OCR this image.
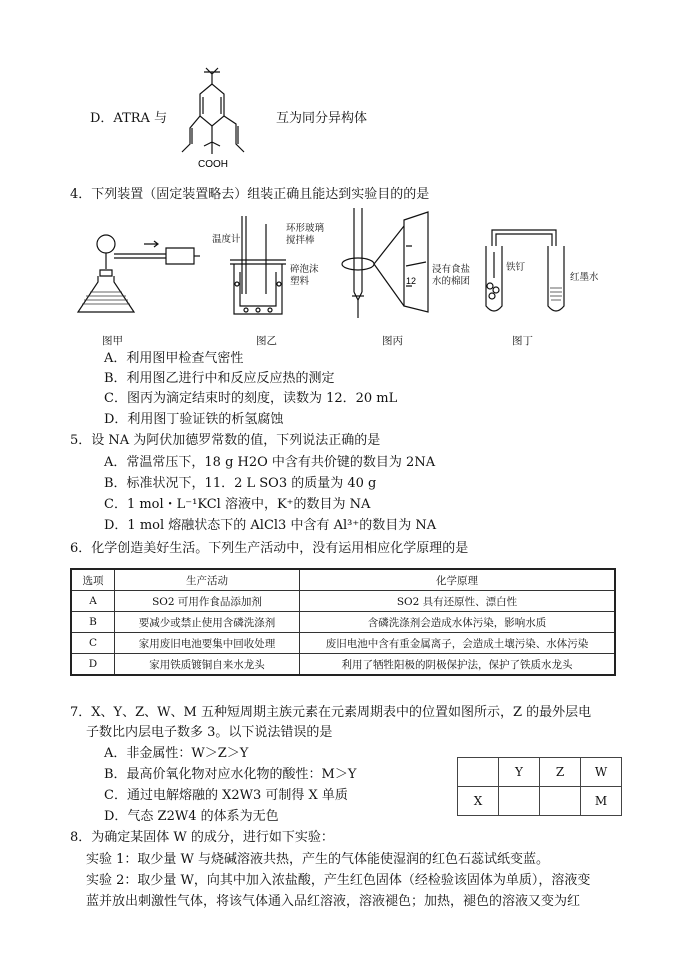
D．ATRA 与
COOH
互为同分异构体
4．下列装置（固定装置略去）组装正确且能达到实验目的的是
温度计
环形玻璃
搅拌棒
碎泡沫
塑料	12
浸有食盐
水的棉团
铁钉
红墨水
图甲	图乙	图丙	图丁
A．利用图甲检查气密性
B．利用图乙进行中和反应反应热的测定
C．图丙为滴定结束时的刻度，读数为 12．20 mL
D．利用图丁验证铁的析氢腐蚀
5．设 NA 为阿伏加德罗常数的值，下列说法正确的是
A．常温常压下，18 g H2O 中含有共价键的数目为 2NA
B．标准状况下，11．2 L SO3 的质量为 40 g
C．1 mol・L⁻¹KCl 溶液中，K⁺的数目为 NA
D．1 mol 熔融状态下的 AlCl3 中含有 Al³⁺的数目为 NA
6．化学创造美好生活。下列生产活动中，没有运用相应化学原理的是
选项	生产活动	化学原理
A	SO2 可用作食品添加剂	SO2 具有还原性、漂白性
B	要减少或禁止使用含磷洗涤剂	含磷洗涤剂会造成水体污染，影响水质
C	家用废旧电池要集中回收处理	废旧电池中含有重金属离子，会造成土壤污染、水体污染
D	家用铁质镀铜自来水龙头	利用了牺牲阳极的阴极保护法，保护了铁质水龙头
7．X、Y、Z、W、M 五种短周期主族元素在元素周期表中的位置如图所示，Z 的最外层电
子数比内层电子数多 3。以下说法错误的是
A．非金属性：W＞Z＞Y
B．最高价氧化物对应水化物的酸性：M＞Y
C．通过电解熔融的 X2W3 可制得 X 单质
D．气态 Z2W4 的体系为无色
	Y	Z	W
X			M
8．为确定某固体 W 的成分，进行如下实验：
实验 1：取少量 W 与烧碱溶液共热，产生的气体能使湿润的红色石蕊试纸变蓝。
实验 2：取少量 W，向其中加入浓盐酸，产生红色固体（经检验该固体为单质），溶液变
蓝并放出刺激性气体，将该气体通入品红溶液，溶液褪色；加热，褪色的溶液又变为红
